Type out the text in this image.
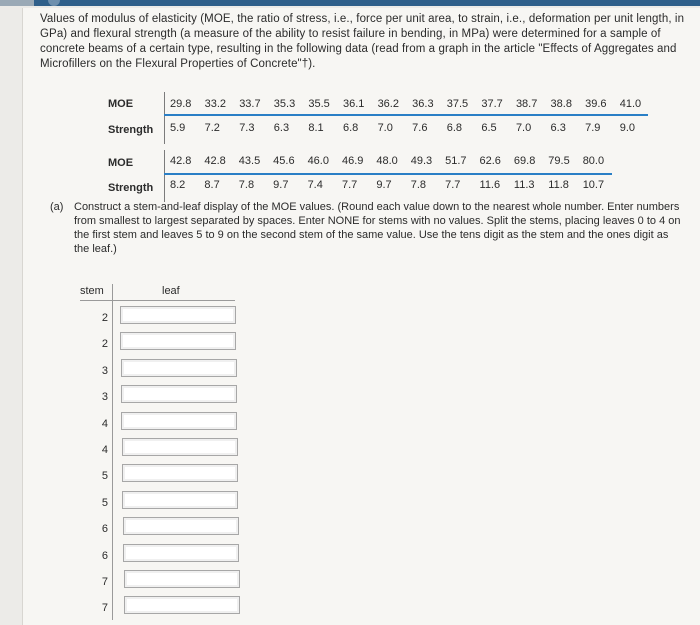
Values of modulus of elasticity (MOE, the ratio of stress, i.e., force per unit area, to strain, i.e., deformation per unit length, in GPa) and flexural strength (a measure of the ability to resist failure in bending, in MPa) were determined for a sample of concrete beams of a certain type, resulting in the following data (read from a graph in the article "Effects of Aggregates and Microfillers on the Flexural Properties of Concrete"†).
MOE	29.8	33.2	33.7	35.3	35.5	36.1	36.2	36.3	37.5	37.7	38.7	38.8	39.6	41.0
Strength	5.9	7.2	7.3	6.3	8.1	6.8	7.0	7.6	6.8	6.5	7.0	6.3	7.9	9.0
MOE	42.8	42.8	43.5	45.6	46.0	46.9	48.0	49.3	51.7	62.6	69.8	79.5	80.0
Strength	8.2	8.7	7.8	9.7	7.4	7.7	9.7	7.8	7.7	11.6	11.3	11.8	10.7
(a) Construct a stem-and-leaf display of the MOE values. (Round each value down to the nearest whole number. Enter numbers from smallest to largest separated by spaces. Enter NONE for stems with no values. Split the stems, placing leaves 0 to 4 on the first stem and leaves 5 to 9 on the second stem of the same value. Use the tens digit as the stem and the ones digit as the leaf.)
stem	leaf
2
2
3
3
4
4
5
5
6
6
7
7
